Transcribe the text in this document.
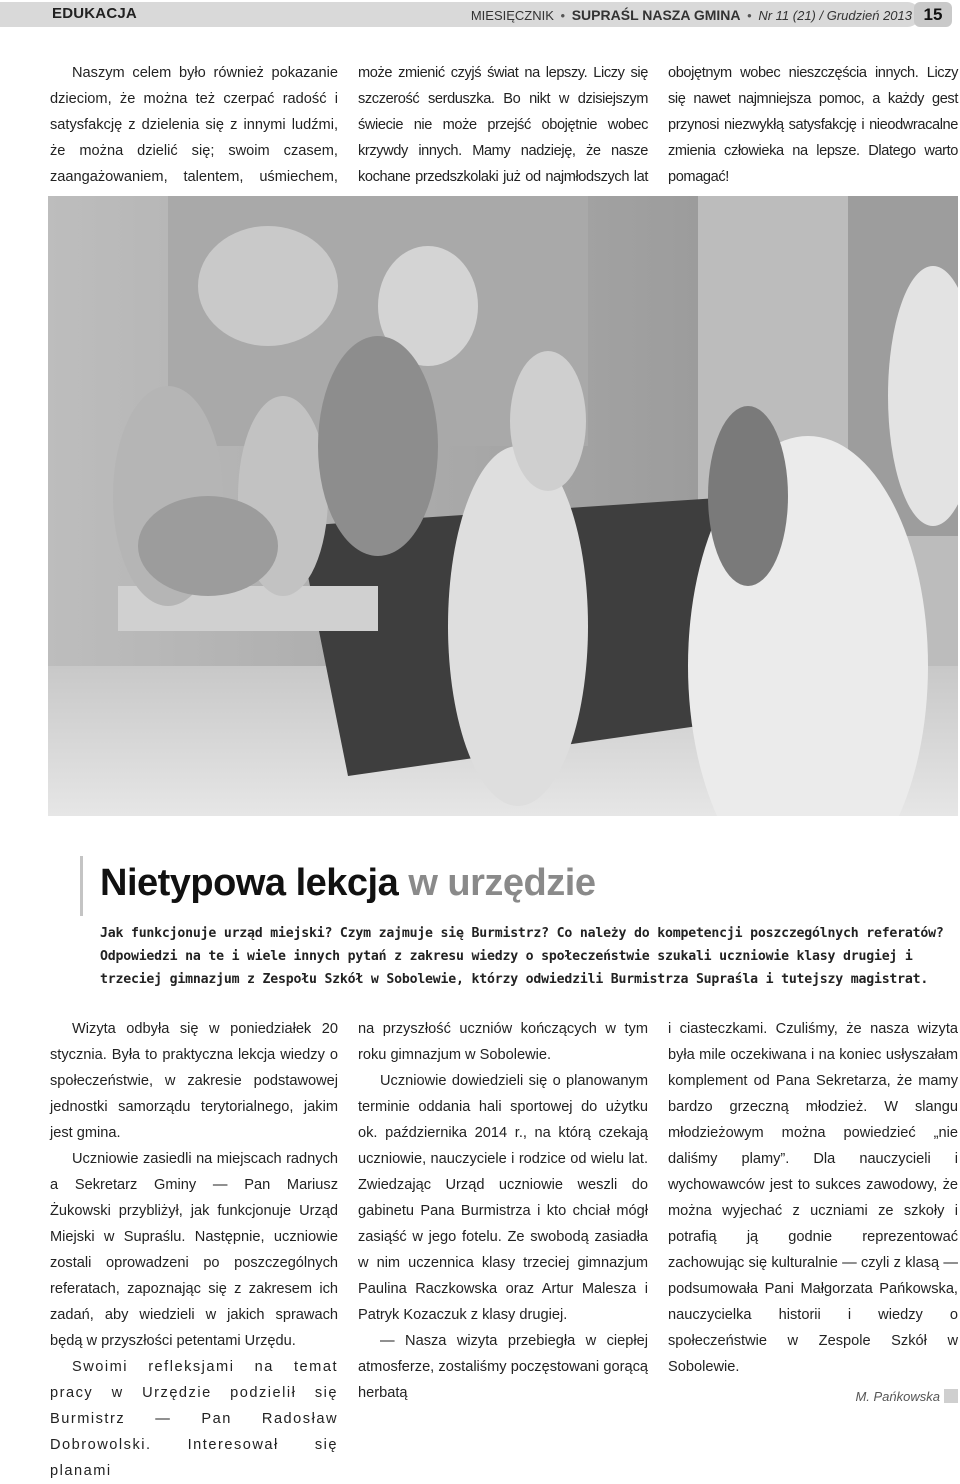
EDUKACJA	MIESIĘCZNIK • SUPRAŚL NASZA GMINA • Nr 11 (21) / Grudzień 2013 15

Naszym celem było również pokazanie dzieciom, że można też czerpać radość i satysfakcję z dzielenia się z innymi ludźmi, że można dzielić się; swoim czasem, zaangażowaniem, talentem, uśmiechem,

może zmienić czyjś świat na lepszy. Liczy się szczerość serduszka. Bo nikt w dzisiejszym świecie nie może przejść obojętnie wobec krzywdy innych. Mamy nadzieję, że nasze kochane przedszkolaki już od najmłodszych lat

obojętnym wobec nieszczęścia innych. Liczy się nawet najmniejsza pomoc, a każdy gest przynosi niezwykłą satysfakcję i nieodwracalne zmienia człowieka na lepsze. Dlatego warto pomagać!

Nietypowa lekcja w urzędzie

Jak funkcjonuje urząd miejski? Czym zajmuje się Burmistrz? Co należy do kompetencji poszczególnych referatów?

Odpowiedzi na te i wiele innych pytań z zakresu wiedzy o społeczeństwie szukali uczniowie klasy drugiej i trzeciej gimnazjum z Zespołu Szkół w Sobolewie, którzy odwiedzili Burmistrza Supraśla i tutejszy magistrat.

Wizyta odbyła się w poniedziałek 20 stycznia. Była to praktyczna lekcja wiedzy o społeczeństwie, w zakresie podstawowej jednostki samorządu terytorialnego, jakim jest gmina.

Uczniowie zasiedli na miejscach radnych a Sekretarz Gminy — Pan Mariusz Żukowski przybliżył, jak funkcjonuje Urząd Miejski w Supraślu. Następnie, uczniowie zostali oprowadzeni po poszczególnych referatach, zapoznając się z zakresem ich zadań, aby wiedzieli w jakich sprawach będą w przyszłości petentami Urzędu.

Swoimi refleksjami na temat pracy w Urzędzie podzielił się Burmistrz — Pan Radosław Dobrowolski. Interesował się planami

na przyszłość uczniów kończących w tym roku gimnazjum w Sobolewie.

Uczniowie dowiedzieli się o planowanym terminie oddania hali sportowej do użytku ok. października 2014 r., na którą czekają uczniowie, nauczyciele i rodzice od wielu lat. Zwiedzając Urząd uczniowie weszli do gabinetu Pana Burmistrza i kto chciał mógł zasiąść w jego fotelu. Ze swobodą zasiadła w nim uczennica klasy trzeciej gimnazjum Paulina Raczkowska oraz Artur Malesza i Patryk Kozaczuk z klasy drugiej.

— Nasza wizyta przebiegła w ciepłej atmosferze, zostaliśmy poczęstowani gorącą herbatą

i ciasteczkami. Czuliśmy, że nasza wizyta była mile oczekiwana i na koniec usłyszałam komplement od Pana Sekretarza, że mamy bardzo grzeczną młodzież. W slangu młodzieżowym można powiedzieć „nie daliśmy plamy”. Dla nauczycieli i wychowawców jest to sukces zawodowy, że można wyjechać z uczniami ze szkoły i potrafią ją godnie reprezentować zachowując się kulturalnie — czyli z klasą — podsumowała Pani Małgorzata Pańkowska, nauczycielka historii i wiedzy o społeczeństwie w Zespole Szkół w Sobolewie.

M. Pańkowska
